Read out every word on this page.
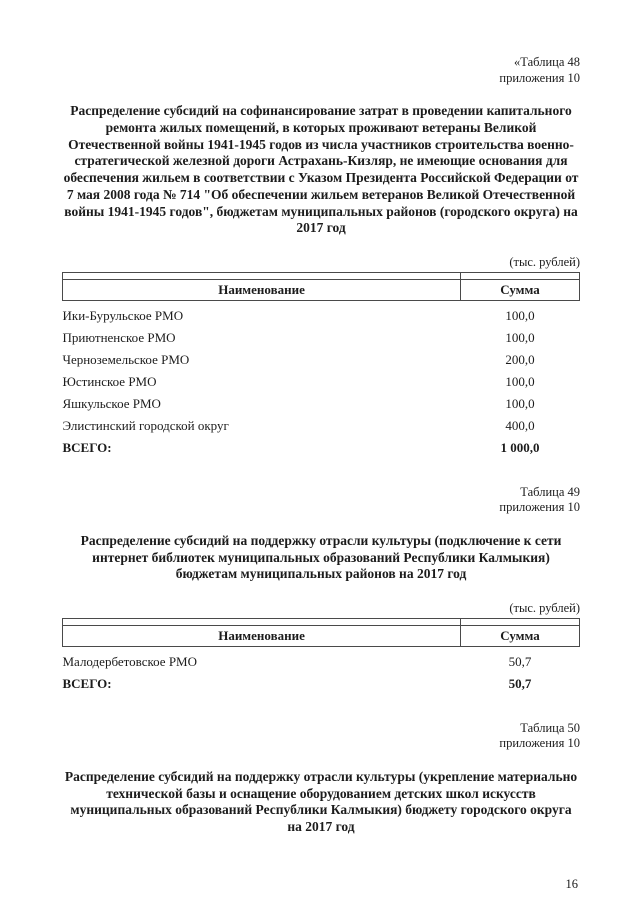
«Таблица 48
приложения 10
Распределение субсидий на софинансирование затрат в проведении капитального ремонта жилых помещений, в которых проживают ветераны Великой Отечественной войны 1941-1945 годов из числа участников строительства военно-стратегической железной дороги Астрахань-Кизляр, не имеющие основания для обеспечения жильем в соответствии с Указом Президента Российской Федерации от 7 мая 2008 года № 714 "Об обеспечении жильем ветеранов Великой Отечественной войны 1941-1945 годов", бюджетам муниципальных районов (городского округа) на 2017 год
(тыс. рублей)

Наименование	Сумма
Ики-Бурульское РМО	100,0
Приютненское РМО	100,0
Черноземельское РМО	200,0
Юстинское РМО	100,0
Яшкульское РМО	100,0
Элистинский городской округ	400,0
ВСЕГО:	1 000,0
Таблица 49
приложения 10
Распределение субсидий на поддержку отрасли культуры (подключение к сети интернет библиотек муниципальных образований Республики Калмыкия) бюджетам муниципальных районов на 2017 год
(тыс. рублей)

Наименование	Сумма
Малодербетовское РМО	50,7
ВСЕГО:	50,7
Таблица 50
приложения 10
Распределение субсидий на поддержку отрасли культуры (укрепление материально технической базы и оснащение оборудованием детских школ искусств муниципальных образований Республики Калмыкия) бюджету городского округа на 2017 год
16
